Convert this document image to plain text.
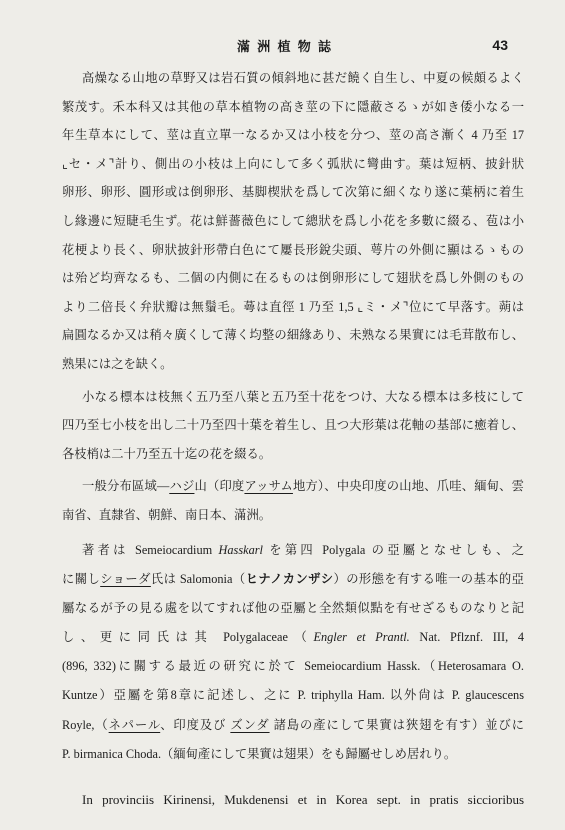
滿 洲 植 物 誌	43
高燥なる山地の草野又は岩石質の傾斜地に甚だ饒く自生し、中夏の候頗るよく
繁茂す。禾本科又は其他の草本植物の高き莖の下に隱蔽さるゝが如き倭小なる一
年生草本にして、莖は直立單一なるか又は小枝を分つ、莖の高さ漸く 4 乃至 17
⌞セ・メ⌝計り、側出の小枝は上向にして多く弧狀に彎曲す。葉は短柄、披針狀
卵形、卵形、圓形或は倒卵形、基脚楔狀を爲して次第に細くなり遂に葉柄に着生
し緣邊に短睫毛生ず。花は鮮薔薇色にして總狀を爲し小花を多數に綴る、苞は小
花梗より長く、卵狀披針形帶白色にて屢長形銳尖頭、萼片の外側に顯はるゝもの
は殆ど均齊なるも、二個の内側に在るものは倒卵形にして翅狀を爲し外側のもの
より二倍長く弁狀瓣は無鬚毛。蕚は直徑 1 乃至 1,5 ⌞ミ・メ⌝位にて早落す。蒴は
扁圓なるか又は稍々廣くして薄く均整の細緣あり、未熟なる果實には毛茸散布し、
熟果には之を缺く。
小なる標本は枝無く五乃至八葉と五乃至十花をつけ、大なる標本は多枝にして
四乃至七小枝を出し二十乃至四十葉を着生し、且つ大形葉は花軸の基部に癒着し、
各枝梢は二十乃至五十迄の花を綴る。
一般分布區域—ハジ山（印度アッサム地方）、中央印度の山地、爪哇、緬甸、雲
南省、直隸省、朝鮮、南日本、滿洲。
著者は Semeiocardium Hasskarl を第四 Polygala の亞屬となせしも、之
に關しショーダ氏は Salomonia（ヒナノカンザシ）の形態を有する唯一の基本的亞
屬なるが予の見る處を以てすれば他の亞屬と全然類似點を有せざるものなりと記
し、更に同氏は其 Polygalaceae（Engler et Prantl. Nat. Pflznf. III, 4
(896, 332)に關する最近の研究に於て Semeiocardium Hassk.（Heterosamara O.
Kuntze）亞屬を第8章に記述し、之に P. triphylla Ham. 以外尙は P. glaucescens
Royle,（ネパール、印度及び ズンダ 諸島の產にして果實は狹翅を有す）並びに
P. birmanica Choda.（緬甸產にして果實は翅果）をも歸屬せしめ居れり。
In provinciis Kirinensi, Mukdenensi et in Korea sept. in pratis siccioribus
